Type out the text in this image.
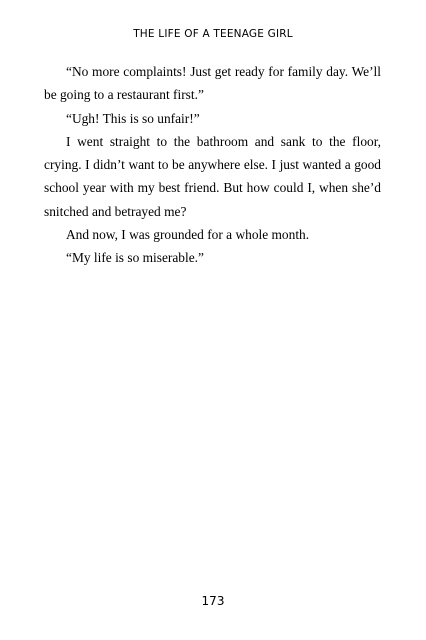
THE LIFE OF A TEENAGE GIRL

“No more complaints! Just get ready for family day. We’ll be going to a restaurant first.”

“Ugh! This is so unfair!”

I went straight to the bathroom and sank to the floor, crying. I didn’t want to be anywhere else. I just wanted a good school year with my best friend. But how could I, when she’d snitched and betrayed me?

And now, I was grounded for a whole month.

“My life is so miserable.”

173
